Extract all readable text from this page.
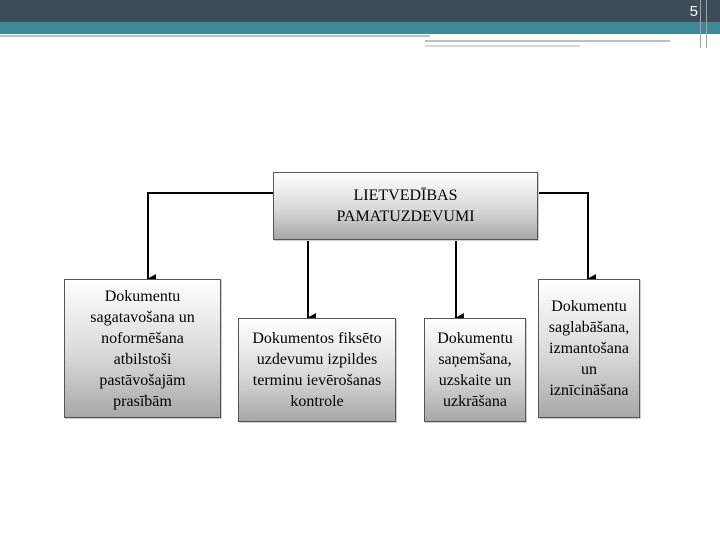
5
LIETVEDĪBAS
PAMATUZDEVUMI
Dokumentu
sagatavošana un
noformēšana
atbilstoši
pastāvošajām
prasībām
Dokumentos fiksēto
uzdevumu izpildes
terminu ievērošanas
kontrole
Dokumentu
saņemšana,
uzskaite un
uzkrāšana
Dokumentu
saglabāšana,
izmantošana
un
iznīcināšana
